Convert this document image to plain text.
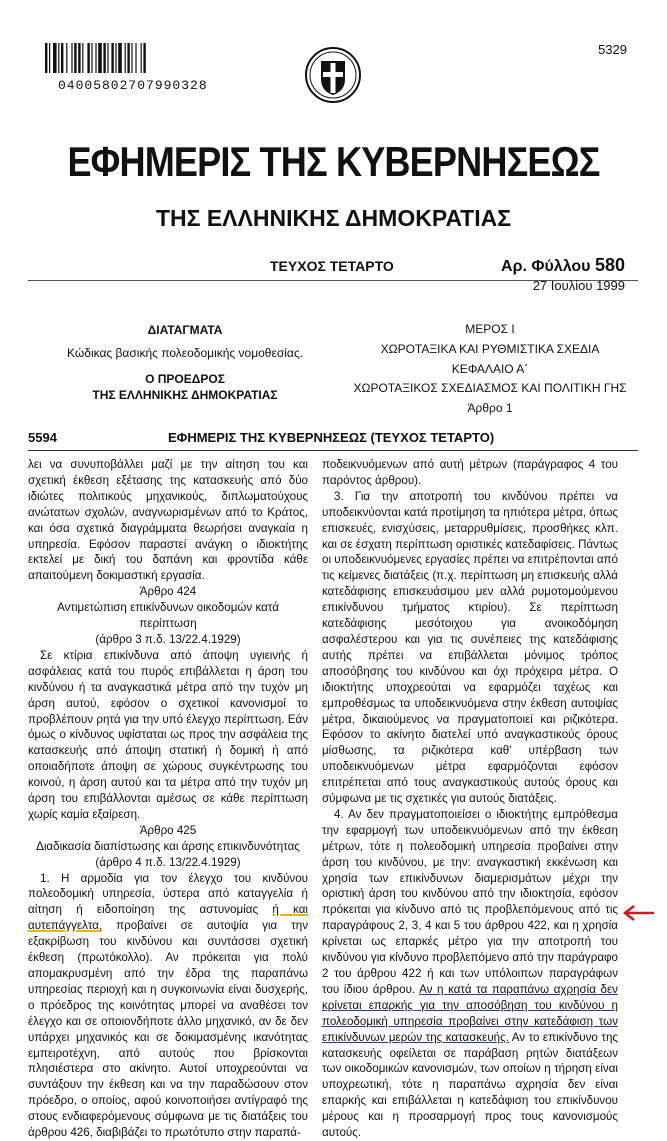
04005802707990328
5329
ΕΦΗΜΕΡΙΣ ΤΗΣ ΚΥΒΕΡΝΗΣΕΩΣ
ΤΗΣ ΕΛΛΗΝΙΚΗΣ ΔΗΜΟΚΡΑΤΙΑΣ
ΤΕΥΧΟΣ ΤΕΤΑΡΤΟ	Αρ. Φύλλου 580
27 Ιουλίου 1999
ΔΙΑΤΑΓΜΑΤΑ
Κώδικας βασικής πολεοδομικής νομοθεσίας.
Ο ΠΡΟΕΔΡΟΣ
ΤΗΣ ΕΛΛΗΝΙΚΗΣ ΔΗΜΟΚΡΑΤΙΑΣ
ΜΕΡΟΣ Ι
ΧΩΡΟΤΑΞΙΚΑ ΚΑΙ ΡΥΘΜΙΣΤΙΚΑ ΣΧΕΔΙΑ
ΚΕΦΑΛΑΙΟ Α΄
ΧΩΡΟΤΑΞΙΚΟΣ ΣΧΕΔΙΑΣΜΟΣ ΚΑΙ ΠΟΛΙΤΙΚΗ ΓΗΣ
Άρθρο 1
5594	ΕΦΗΜΕΡΙΣ ΤΗΣ ΚΥΒΕΡΝΗΣΕΩΣ (ΤΕΥΧΟΣ ΤΕΤΑΡΤΟ)

λει να συνυποβάλλει μαζί με την αίτηση του και σχετική έκθεση εξέτασης της κατασκευής από δύο ιδιώτες πολιτικούς μηχανικούς, διπλωματούχους ανώτατων σχολών, αναγνωρισμένων από το Κράτος, και όσα σχετικά διαγράμματα θεωρήσει αναγκαία η υπηρεσία. Εφόσον παραστεί ανάγκη ο ιδιοκτήτης εκτελεί με δική του δαπάνη και φροντίδα κάθε απαιτούμενη δοκιμαστική εργασία.

Άρθρο 424

Αντιμετώπιση επικίνδυνων οικοδομών κατά περίπτωση

(άρθρο 3 π.δ. 13/22.4.1929)

Σε κτίρια επικίνδυνα από άποψη υγιεινής ή ασφάλειας κατά του πυρός επιβάλλεται η άρση του κινδύνου ή τα αναγκαστικά μέτρα από την τυχόν μη άρση αυτού, εφόσον ο σχετικοί κανονισμοί το προβλέπουν ρητά για την υπό έλεγχο περίπτωση. Εάν όμως ο κίνδυνος υφίσταται ως προς την ασφάλεια της κατασκευής από άποψη στατική ή δομική ή από οποιαδήποτε άποψη σε χώρους συγκέντρωσης του κοινού, η άρση αυτού και τα μέτρα από την τυχόν μη άρση του επιβάλλονται αμέσως σε κάθε περίπτωση χωρίς καμία εξαίρεση.

Άρθρο 425

Διαδικασία διαπίστωσης και άρσης επικινδυνότητας

(άρθρο 4 π.δ. 13/22.4.1929)

1. Η αρμοδία για τον έλεγχο του κινδύνου πολεοδομική υπηρεσία, ύστερα από καταγγελία ή αίτηση ή ειδοποίηση της αστυνομίας ή και αυτεπάγγελτα, προβαίνει σε αυτοψία για την εξακρίβωση του κινδύνου και συντάσσει σχετική έκθεση (πρωτόκολλο). Αν πρόκειται για πολύ απομακρυσμένη από την έδρα της παραπάνω υπηρεσίας περιοχή και η συγκοινωνία είναι δυσχερής, ο πρόεδρος της κοινότητας μπορεί να αναθέσει τον έλεγχο και σε οποιονδήποτε άλλο μηχανικό, αν δε δεν υπάρχει μηχανικός και σε δοκιμασμένης ικανότητας εμπειροτέχνη, από αυτούς που βρίσκονται πλησιέστερα στο ακίνητο. Αυτοί υποχρεούνται να συντάξουν την έκθεση και να την παραδώσουν στον πρόεδρο, ο οποίος, αφού κοινοποιήσει αντίγραφό της στους ενδιαφερόμενους σύμφωνα με τις διατάξεις του άρθρου 426, διαβιβάζει το πρωτότυπο στην παραπά-

ποδεικνυόμενων από αυτή μέτρων (παράγραφος 4 του παρόντος άρθρου).

3. Για την αποτροπή του κινδύνου πρέπει να υποδεικνύονται κατά προτίμηση τα ηπιότερα μέτρα, όπως επισκευές, ενισχύσεις, μεταρρυθμίσεις, προσθήκες κλπ. και σε έσχατη περίπτωση οριστικές κατεδαφίσεις. Πάντως οι υποδεικνυόμενες εργασίες πρέπει να επιτρέπονται από τις κείμενες διατάξεις (π.χ. περίπτωση μη επισκευής αλλά κατεδάφισης επισκευάσιμου μεν αλλά ρυμοτομούμενου επικίνδυνου τμήματος κτιρίου). Σε περίπτωση κατεδάφισης μεσότοιχου για ανοικοδόμηση ασφαλέστερου και για τις συνέπειες της κατεδάφισης αυτής πρέπει να επιβάλλεται μόνιμος τρόπος αποσόβησης του κινδύνου και όχι πρόχειρα μέτρα. Ο ιδιοκτήτης υποχρεούται να εφαρμόζει ταχέως και εμπροθέσμως τα υποδεικνυόμενα στην έκθεση αυτοψίας μέτρα, δικαιούμενος να πραγματοποιεί και ριζικότερα. Εφόσον το ακίνητο διατελεί υπό αναγκαστικούς όρους μίσθωσης, τα ριζικότερα καθ' υπέρβαση των υποδεικνυόμενων μέτρα εφαρμόζονται εφόσον επιτρέπεται από τους αναγκαστικούς αυτούς όρους και σύμφωνα με τις σχετικές για αυτούς διατάξεις.

4. Αν δεν πραγματοποιείσει ο ιδιοκτήτης εμπρόθεσμα την εφαρμογή των υποδεικνυόμενων από την έκθεση μέτρων, τότε η πολεοδομική υπηρεσία προβαίνει στην άρση του κινδύνου, με την: αναγκαστική εκκένωση και χρησία των επικίνδυνων διαμερισμάτων μέχρι την οριστική άρση του κινδύνου από την ιδιοκτησία, εφόσον πρόκειται για κίνδυνο από τις προβλεπόμενους από τις παραγράφους 2, 3, 4 και 5 του άρθρου 422, και η χρησία κρίνεται ως επαρκές μέτρο για την αποτροπή του κινδύνου για κίνδυνο προβλεπόμενο από την παράγραφο 2 του άρθρου 422 ή και των υπόλοιπων παραγράφων του ίδιου άρθρου. Αν η κατά τα παραπάνω αχρησία δεν κρίνεται επαρκής για την αποσόβηση του κινδύνου η πολεοδομική υπηρεσία προβαίνει στην κατεδάφιση των επικίνδυνων μερών της κατασκευής. Αν το επικίνδυνο της κατασκευής οφείλεται σε παράβαση ρητών διατάξεων των οικοδομικών κανονισμών, των οποίων η τήρηση είναι υποχρεωτική, τότε η παραπάνω αχρησία δεν είναι επαρκής και επιβάλλεται η κατεδάφιση του επικίνδυνου μέρους και η προσαρμογή προς τους κανονισμούς αυτούς.
